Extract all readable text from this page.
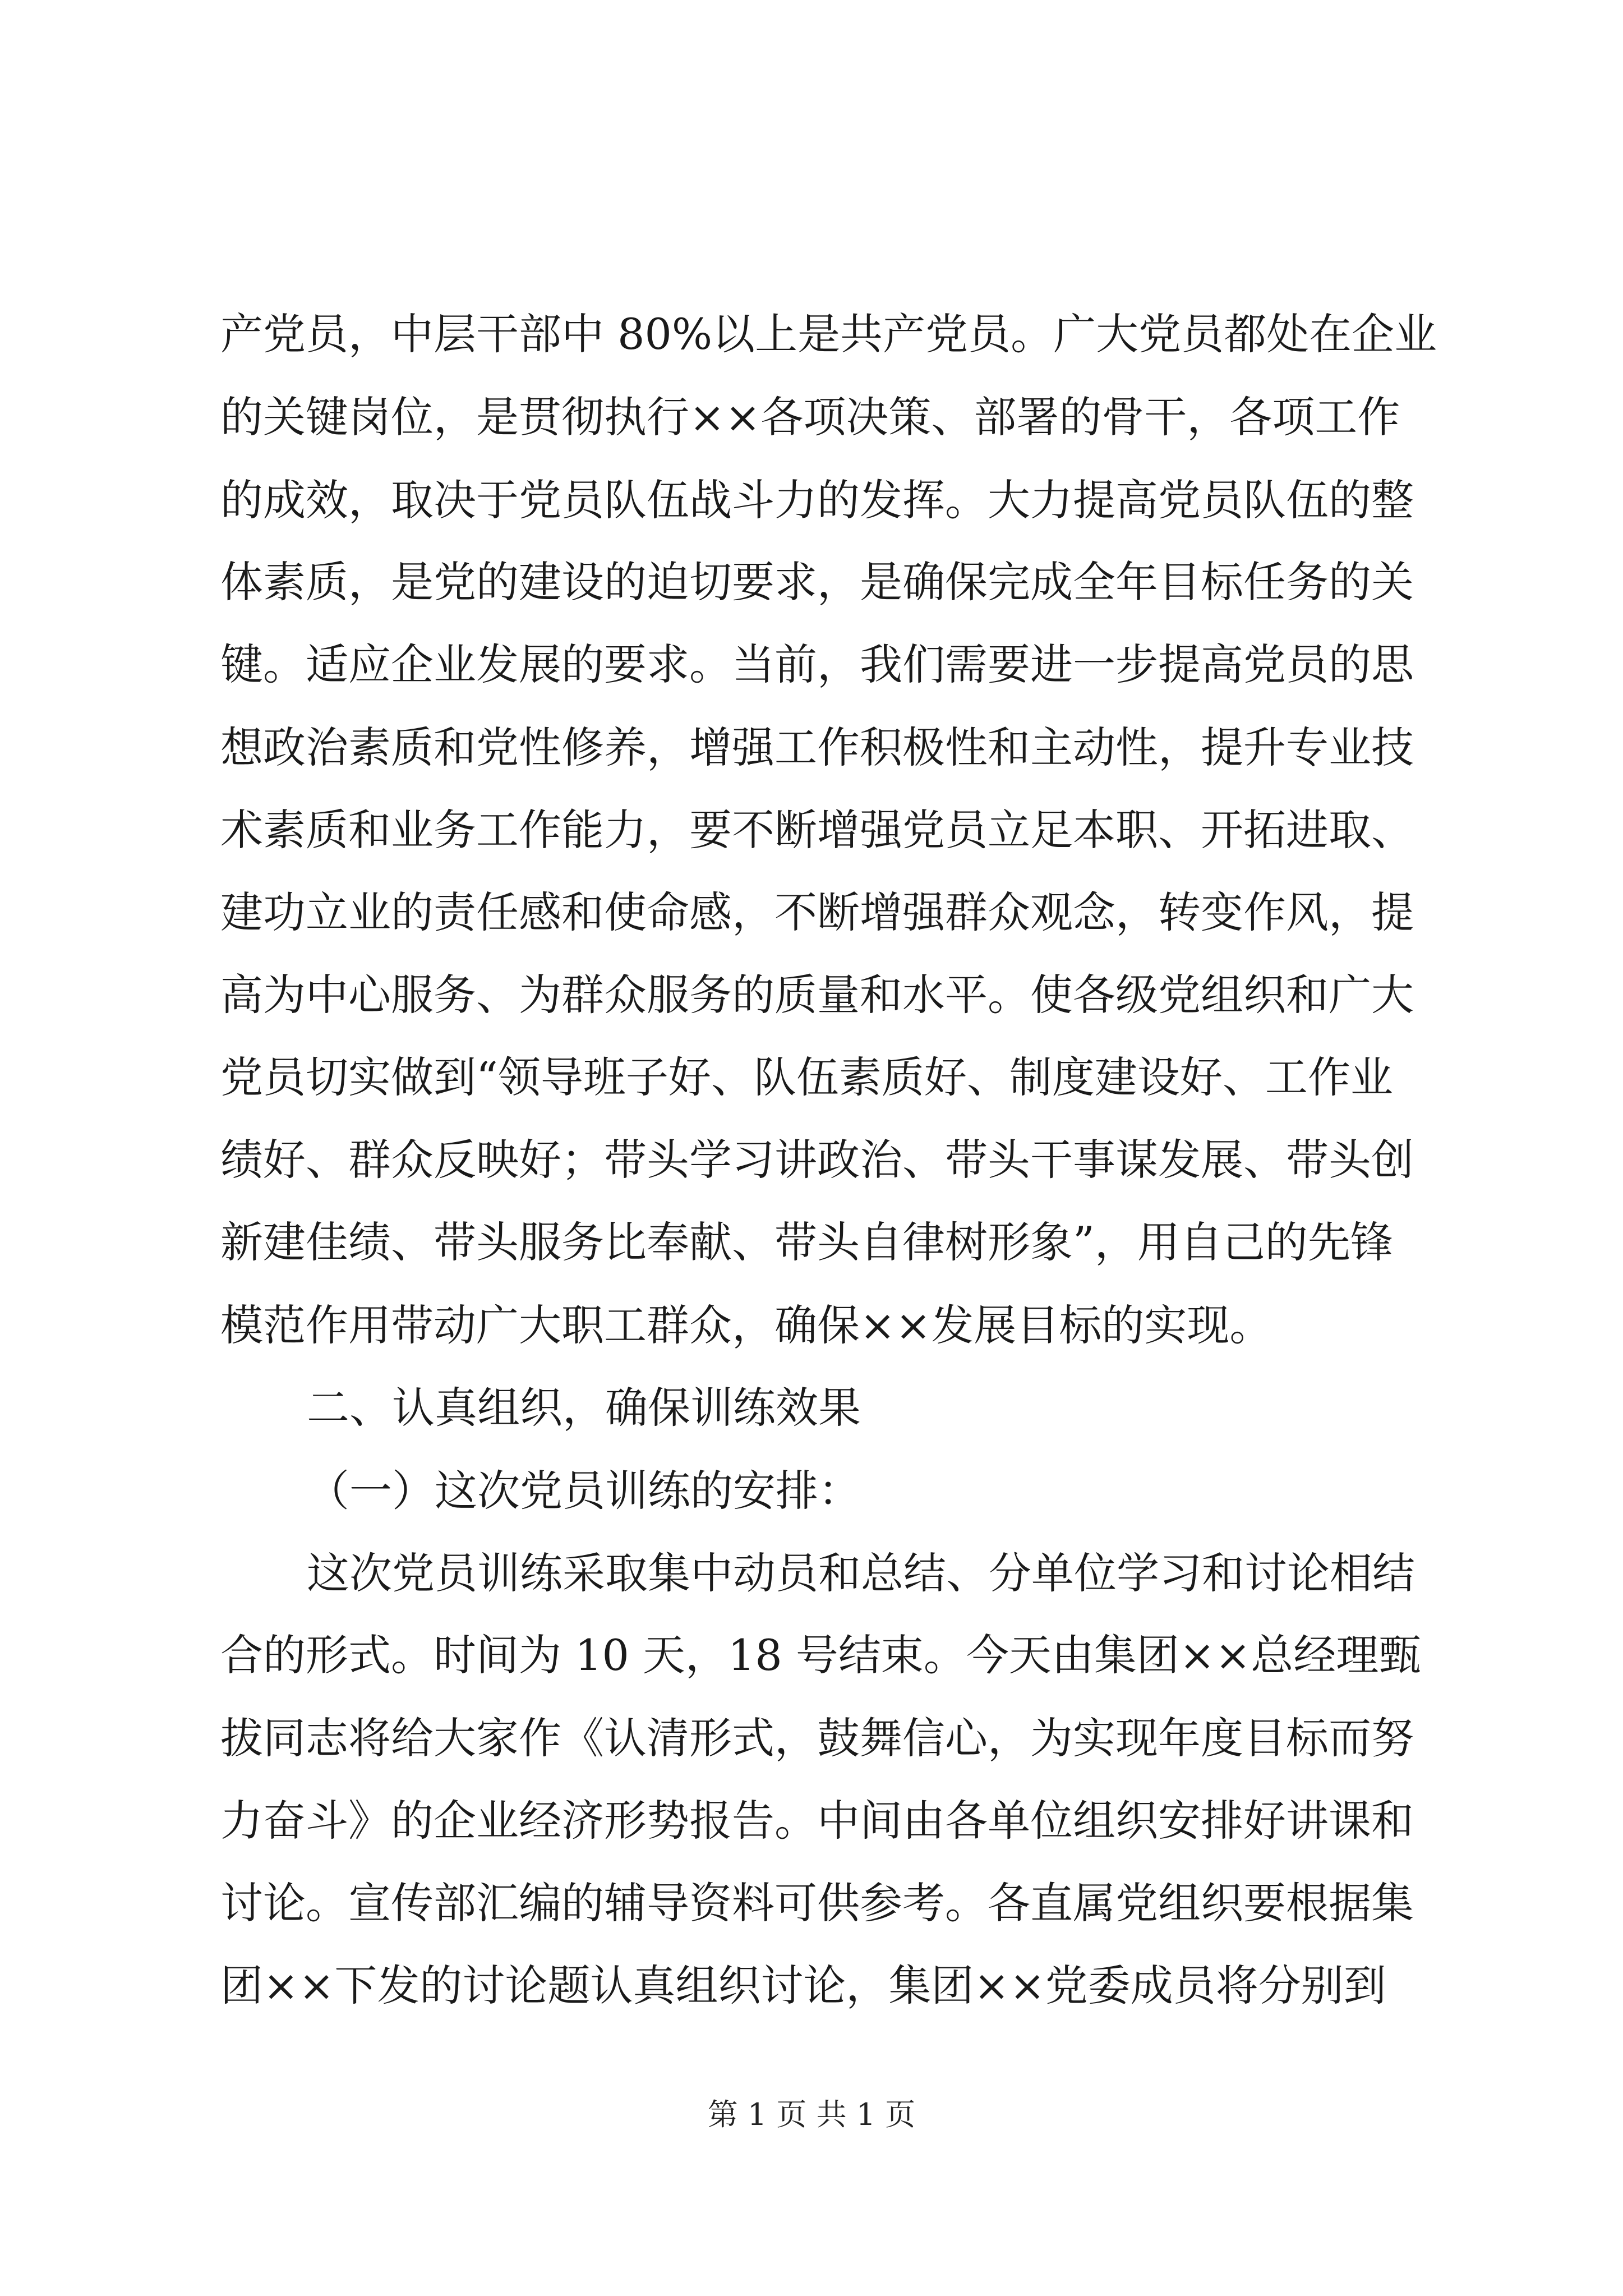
产党员，中层干部中 80%以上是共产党员。广大党员都处在企业

的关键岗位，是贯彻执行××各项决策、部署的骨干，各项工作

的成效，取决于党员队伍战斗力的发挥。大力提高党员队伍的整

体素质，是党的建设的迫切要求，是确保完成全年目标任务的关

键。适应企业发展的要求。当前，我们需要进一步提高党员的思

想政治素质和党性修养，增强工作积极性和主动性，提升专业技

术素质和业务工作能力，要不断增强党员立足本职、开拓进取、

建功立业的责任感和使命感，不断增强群众观念，转变作风，提

高为中心服务、为群众服务的质量和水平。使各级党组织和广大

党员切实做到“领导班子好、队伍素质好、制度建设好、工作业

绩好、群众反映好；带头学习讲政治、带头干事谋发展、带头创

新建佳绩、带头服务比奉献、带头自律树形象”，用自己的先锋

模范作用带动广大职工群众，确保××发展目标的实现。

二、认真组织，确保训练效果

（一）这次党员训练的安排：

这次党员训练采取集中动员和总结、分单位学习和讨论相结

合的形式。时间为 10 天，18 号结束。今天由集团××总经理甄

拔同志将给大家作《认清形式，鼓舞信心，为实现年度目标而努

力奋斗》的企业经济形势报告。中间由各单位组织安排好讲课和

讨论。宣传部汇编的辅导资料可供参考。各直属党组织要根据集

团××下发的讨论题认真组织讨论，集团××党委成员将分别到

第 1 页 共 1 页
